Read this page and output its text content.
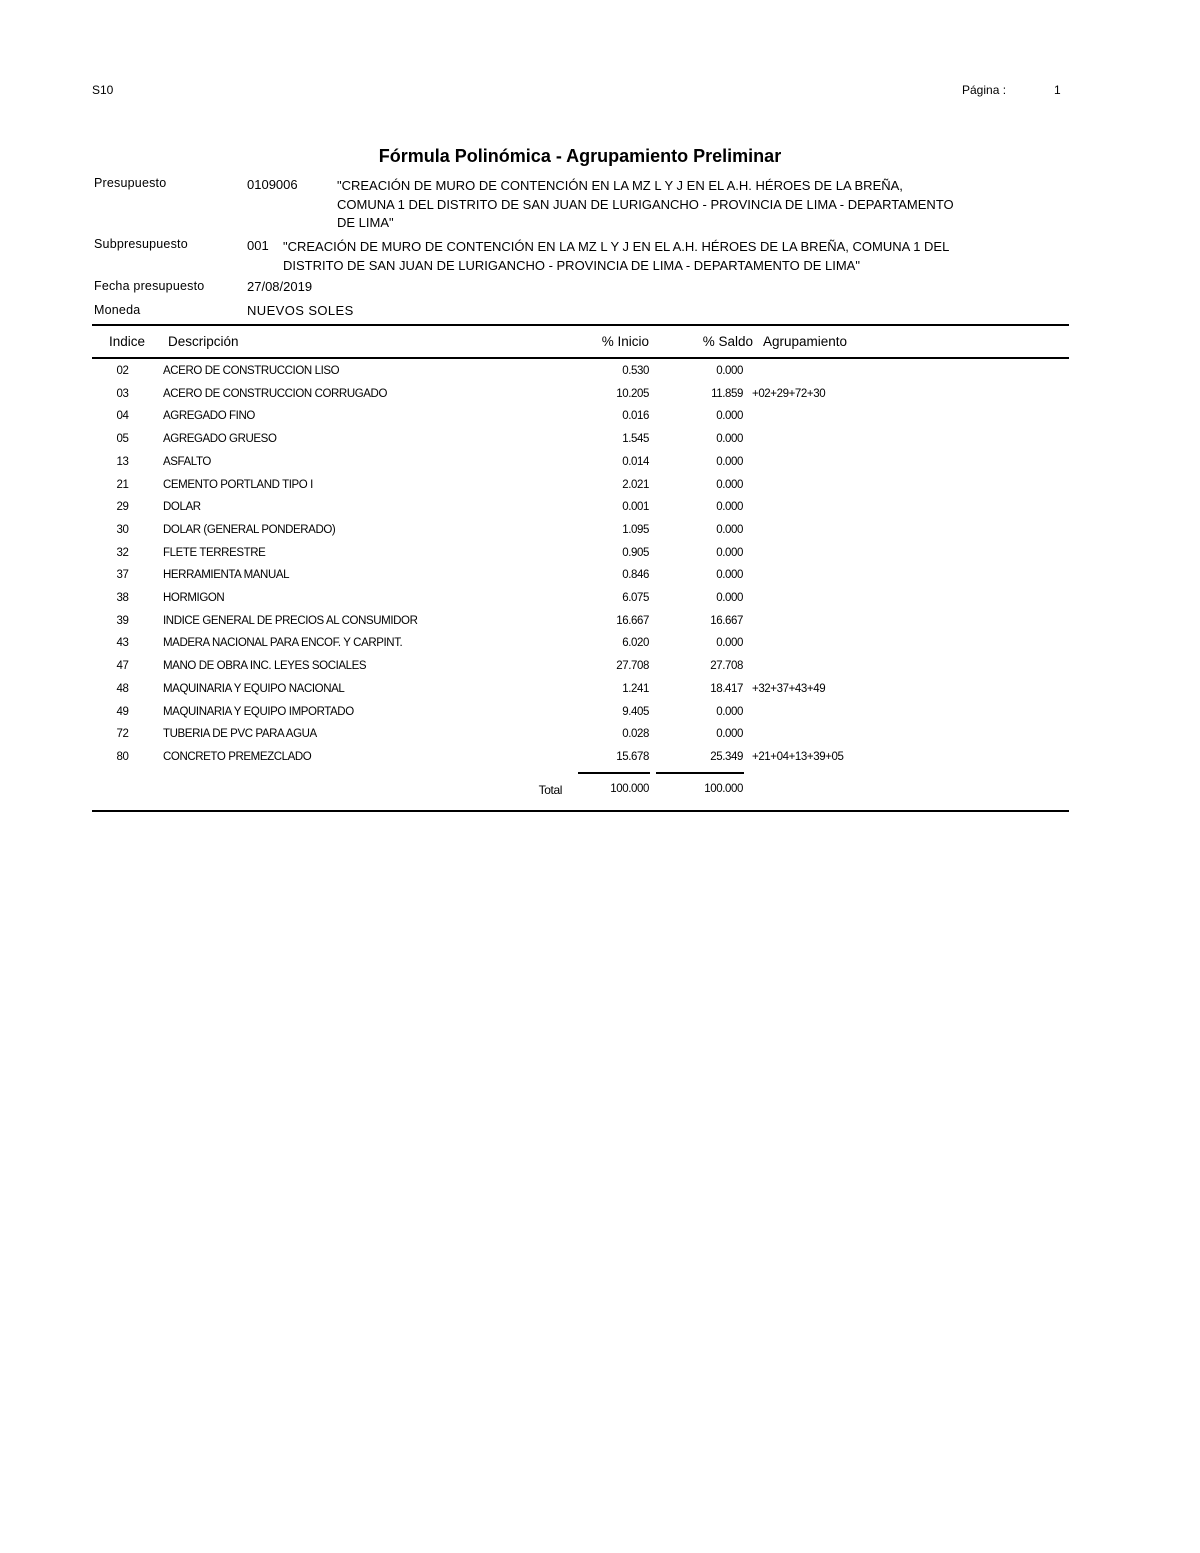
S10	Página :	1
Fórmula Polinómica - Agrupamiento Preliminar
Presupuesto	0109006	"CREACIÓN DE MURO DE CONTENCIÓN EN LA MZ L Y J EN EL A.H. HÉROES DE LA BREÑA, COMUNA 1 DEL DISTRITO DE SAN JUAN DE LURIGANCHO - PROVINCIA DE LIMA - DEPARTAMENTO DE LIMA"
Subpresupuesto	001 "CREACIÓN DE MURO DE CONTENCIÓN EN LA MZ L Y J EN EL A.H. HÉROES DE LA BREÑA, COMUNA 1 DEL DISTRITO DE SAN JUAN DE LURIGANCHO - PROVINCIA DE LIMA - DEPARTAMENTO DE LIMA"
Fecha presupuesto	27/08/2019
Moneda	NUEVOS SOLES
Indice Descripción	% Inicio	% Saldo Agrupamiento
02	ACERO DE CONSTRUCCION LISO	0.530	0.000
03	ACERO DE CONSTRUCCION CORRUGADO	10.205	11.859 +02+29+72+30
04	AGREGADO FINO	0.016	0.000
05	AGREGADO GRUESO	1.545	0.000
13	ASFALTO	0.014	0.000
21	CEMENTO PORTLAND TIPO I	2.021	0.000
29	DOLAR	0.001	0.000
30	DOLAR (GENERAL PONDERADO)	1.095	0.000
32	FLETE TERRESTRE	0.905	0.000
37	HERRAMIENTA MANUAL	0.846	0.000
38	HORMIGON	6.075	0.000
39	INDICE GENERAL DE PRECIOS AL CONSUMIDOR	16.667	16.667
43	MADERA NACIONAL PARA ENCOF. Y CARPINT.	6.020	0.000
47	MANO DE OBRA INC. LEYES SOCIALES	27.708	27.708
48	MAQUINARIA Y EQUIPO NACIONAL	1.241	18.417 +32+37+43+49
49	MAQUINARIA Y EQUIPO IMPORTADO	9.405	0.000
72	TUBERIA DE PVC PARA AGUA	0.028	0.000
80	CONCRETO PREMEZCLADO	15.678	25.349 +21+04+13+39+05
Total	100.000	100.000
